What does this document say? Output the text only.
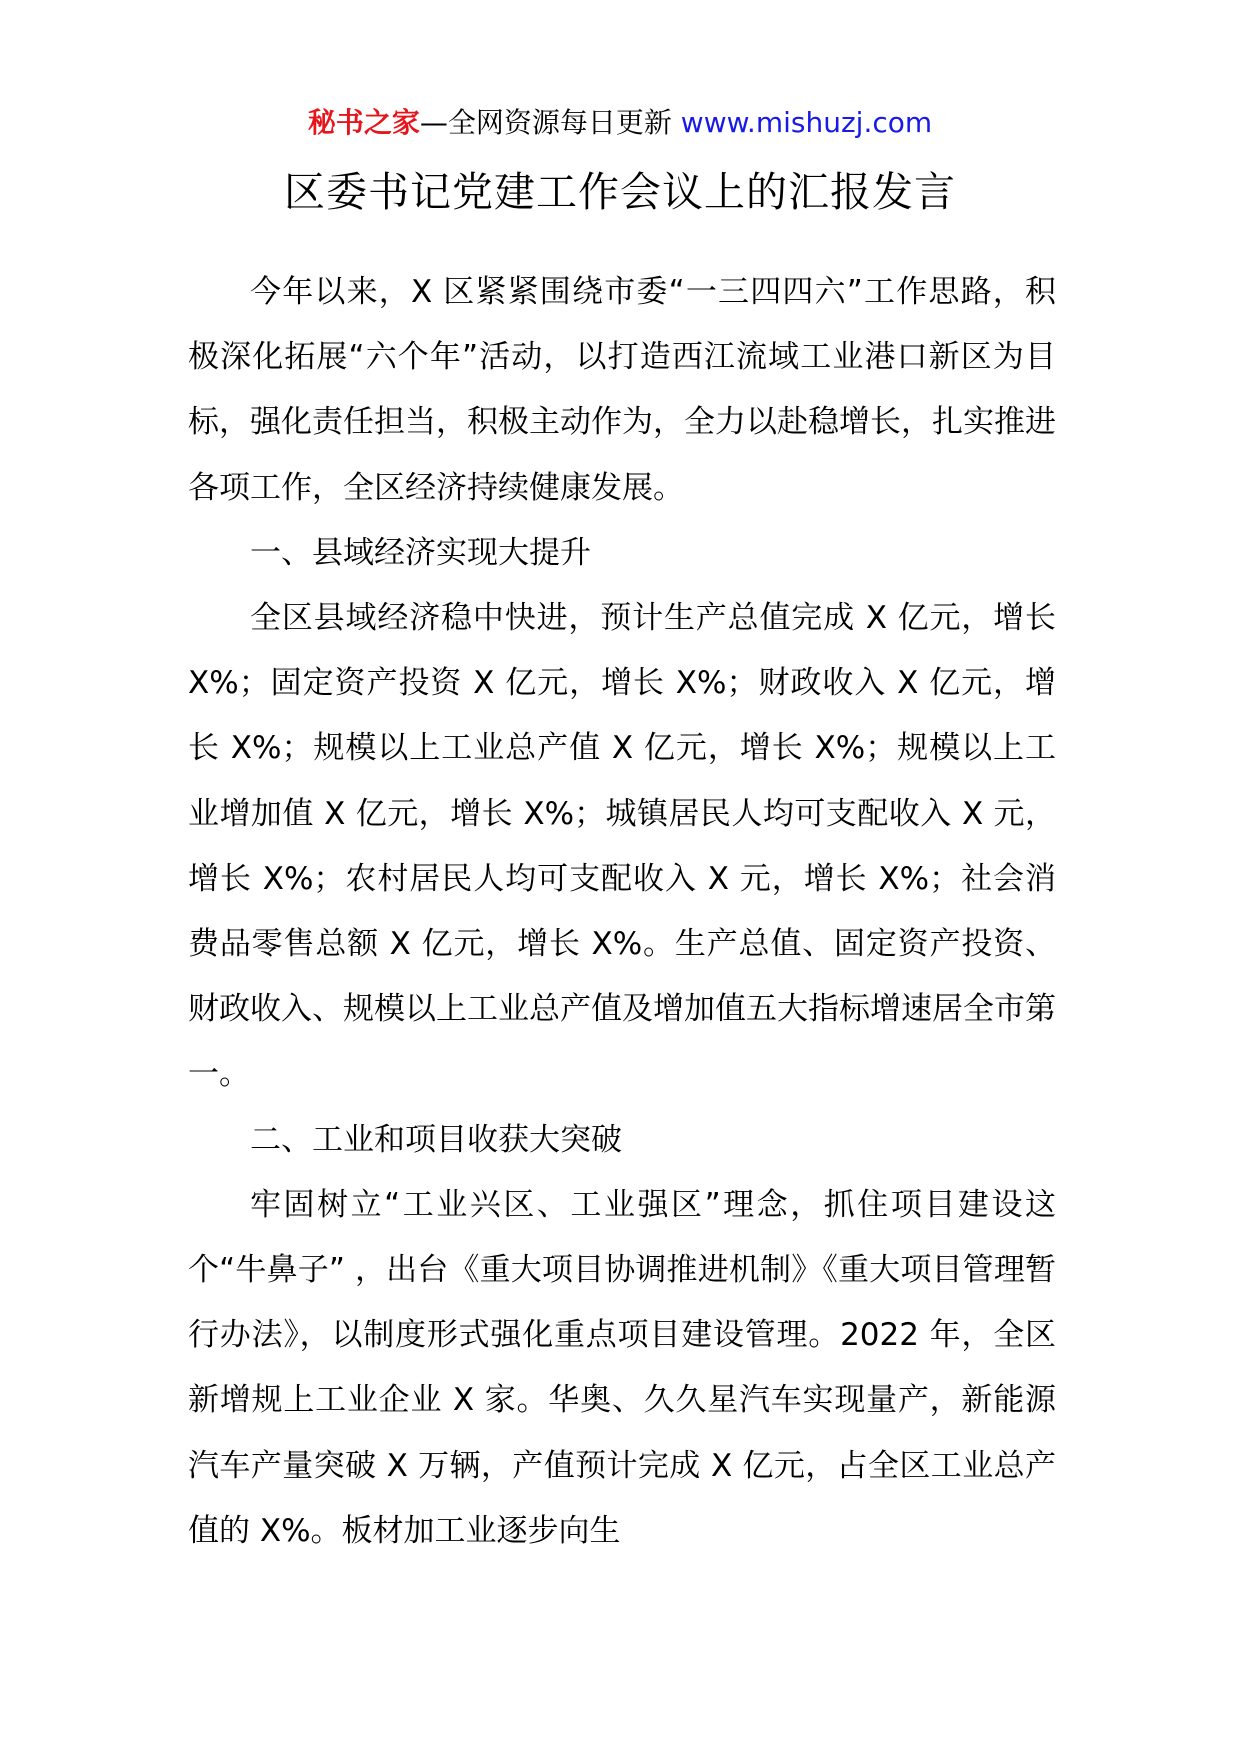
秘书之家—全网资源每日更新 www.mishuzj.com
区委书记党建工作会议上的汇报发言

今年以来，X 区紧紧围绕市委“一三四四六”工作思路，积极深化拓展“六个年”活动，以打造西江流域工业港口新区为目标，强化责任担当，积极主动作为，全力以赴稳增长，扎实推进各项工作，全区经济持续健康发展。

一、县域经济实现大提升

全区县域经济稳中快进，预计生产总值完成 X 亿元，增长 X%；固定资产投资 X 亿元，增长 X%；财政收入 X 亿元，增长 X%；规模以上工业总产值 X 亿元，增长 X%；规模以上工业增加值 X 亿元，增长 X%；城镇居民人均可支配收入 X 元，增长 X%；农村居民人均可支配收入 X 元，增长 X%；社会消费品零售总额 X 亿元，增长 X%。生产总值、固定资产投资、财政收入、规模以上工业总产值及增加值五大指标增速居全市第一。

二、工业和项目收获大突破

牢固树立“工业兴区、工业强区”理念，抓住项目建设这个“牛鼻子” ，出台《重大项目协调推进机制》《重大项目管理暂行办法》，以制度形式强化重点项目建设管理。2022 年，全区新增规上工业企业 X 家。华奥、久久星汽车实现量产，新能源汽车产量突破 X 万辆，产值预计完成 X 亿元，占全区工业总产值的 X%。板材加工业逐步向生
